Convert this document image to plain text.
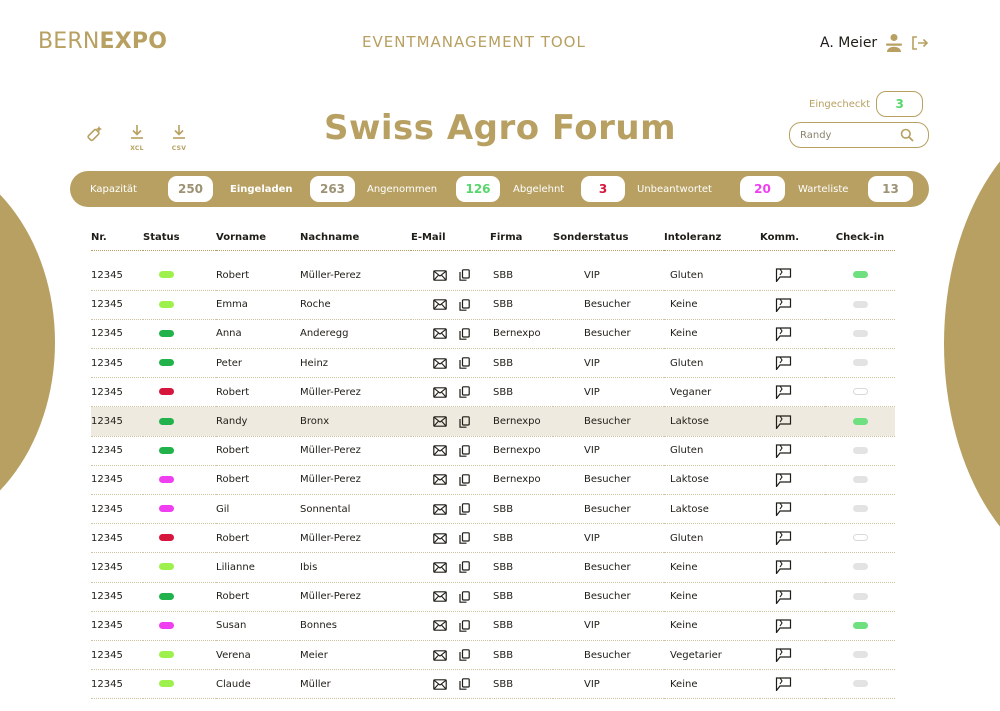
BERNEXPO	EVENTMANAGEMENT TOOL	A. Meier
XCL	CSV
Swiss Agro Forum
Eingecheckt	3
Randy
Kapazität	250	Eingeladen	263	Angenommen	126	Abgelehnt	3	Unbeantwortet	20	Warteliste	13
Nr.	Status	Vorname	Nachname	E-Mail	Firma	Sonderstatus	Intoleranz	Komm.	Check-in

12345		Robert	Müller-Perez		SBB	VIP	Gluten	

12345		Emma	Roche		SBB	Besucher	Keine	

12345		Anna	Anderegg		Bernexpo	Besucher	Keine	

12345		Peter	Heinz		SBB	VIP	Gluten	

12345		Robert	Müller-Perez		SBB	VIP	Veganer	

12345		Randy	Bronx		Bernexpo	Besucher	Laktose	

12345		Robert	Müller-Perez		Bernexpo	VIP	Gluten	

12345		Robert	Müller-Perez		Bernexpo	Besucher	Laktose	

12345		Gil	Sonnental		SBB	Besucher	Laktose	

12345		Robert	Müller-Perez		SBB	VIP	Gluten	

12345		Lilianne	Ibis		SBB	Besucher	Keine	

12345		Robert	Müller-Perez		SBB	Besucher	Keine	

12345		Susan	Bonnes		SBB	VIP	Keine	

12345		Verena	Meier		SBB	Besucher	Vegetarier	

12345		Claude	Müller		SBB	VIP	Keine	
